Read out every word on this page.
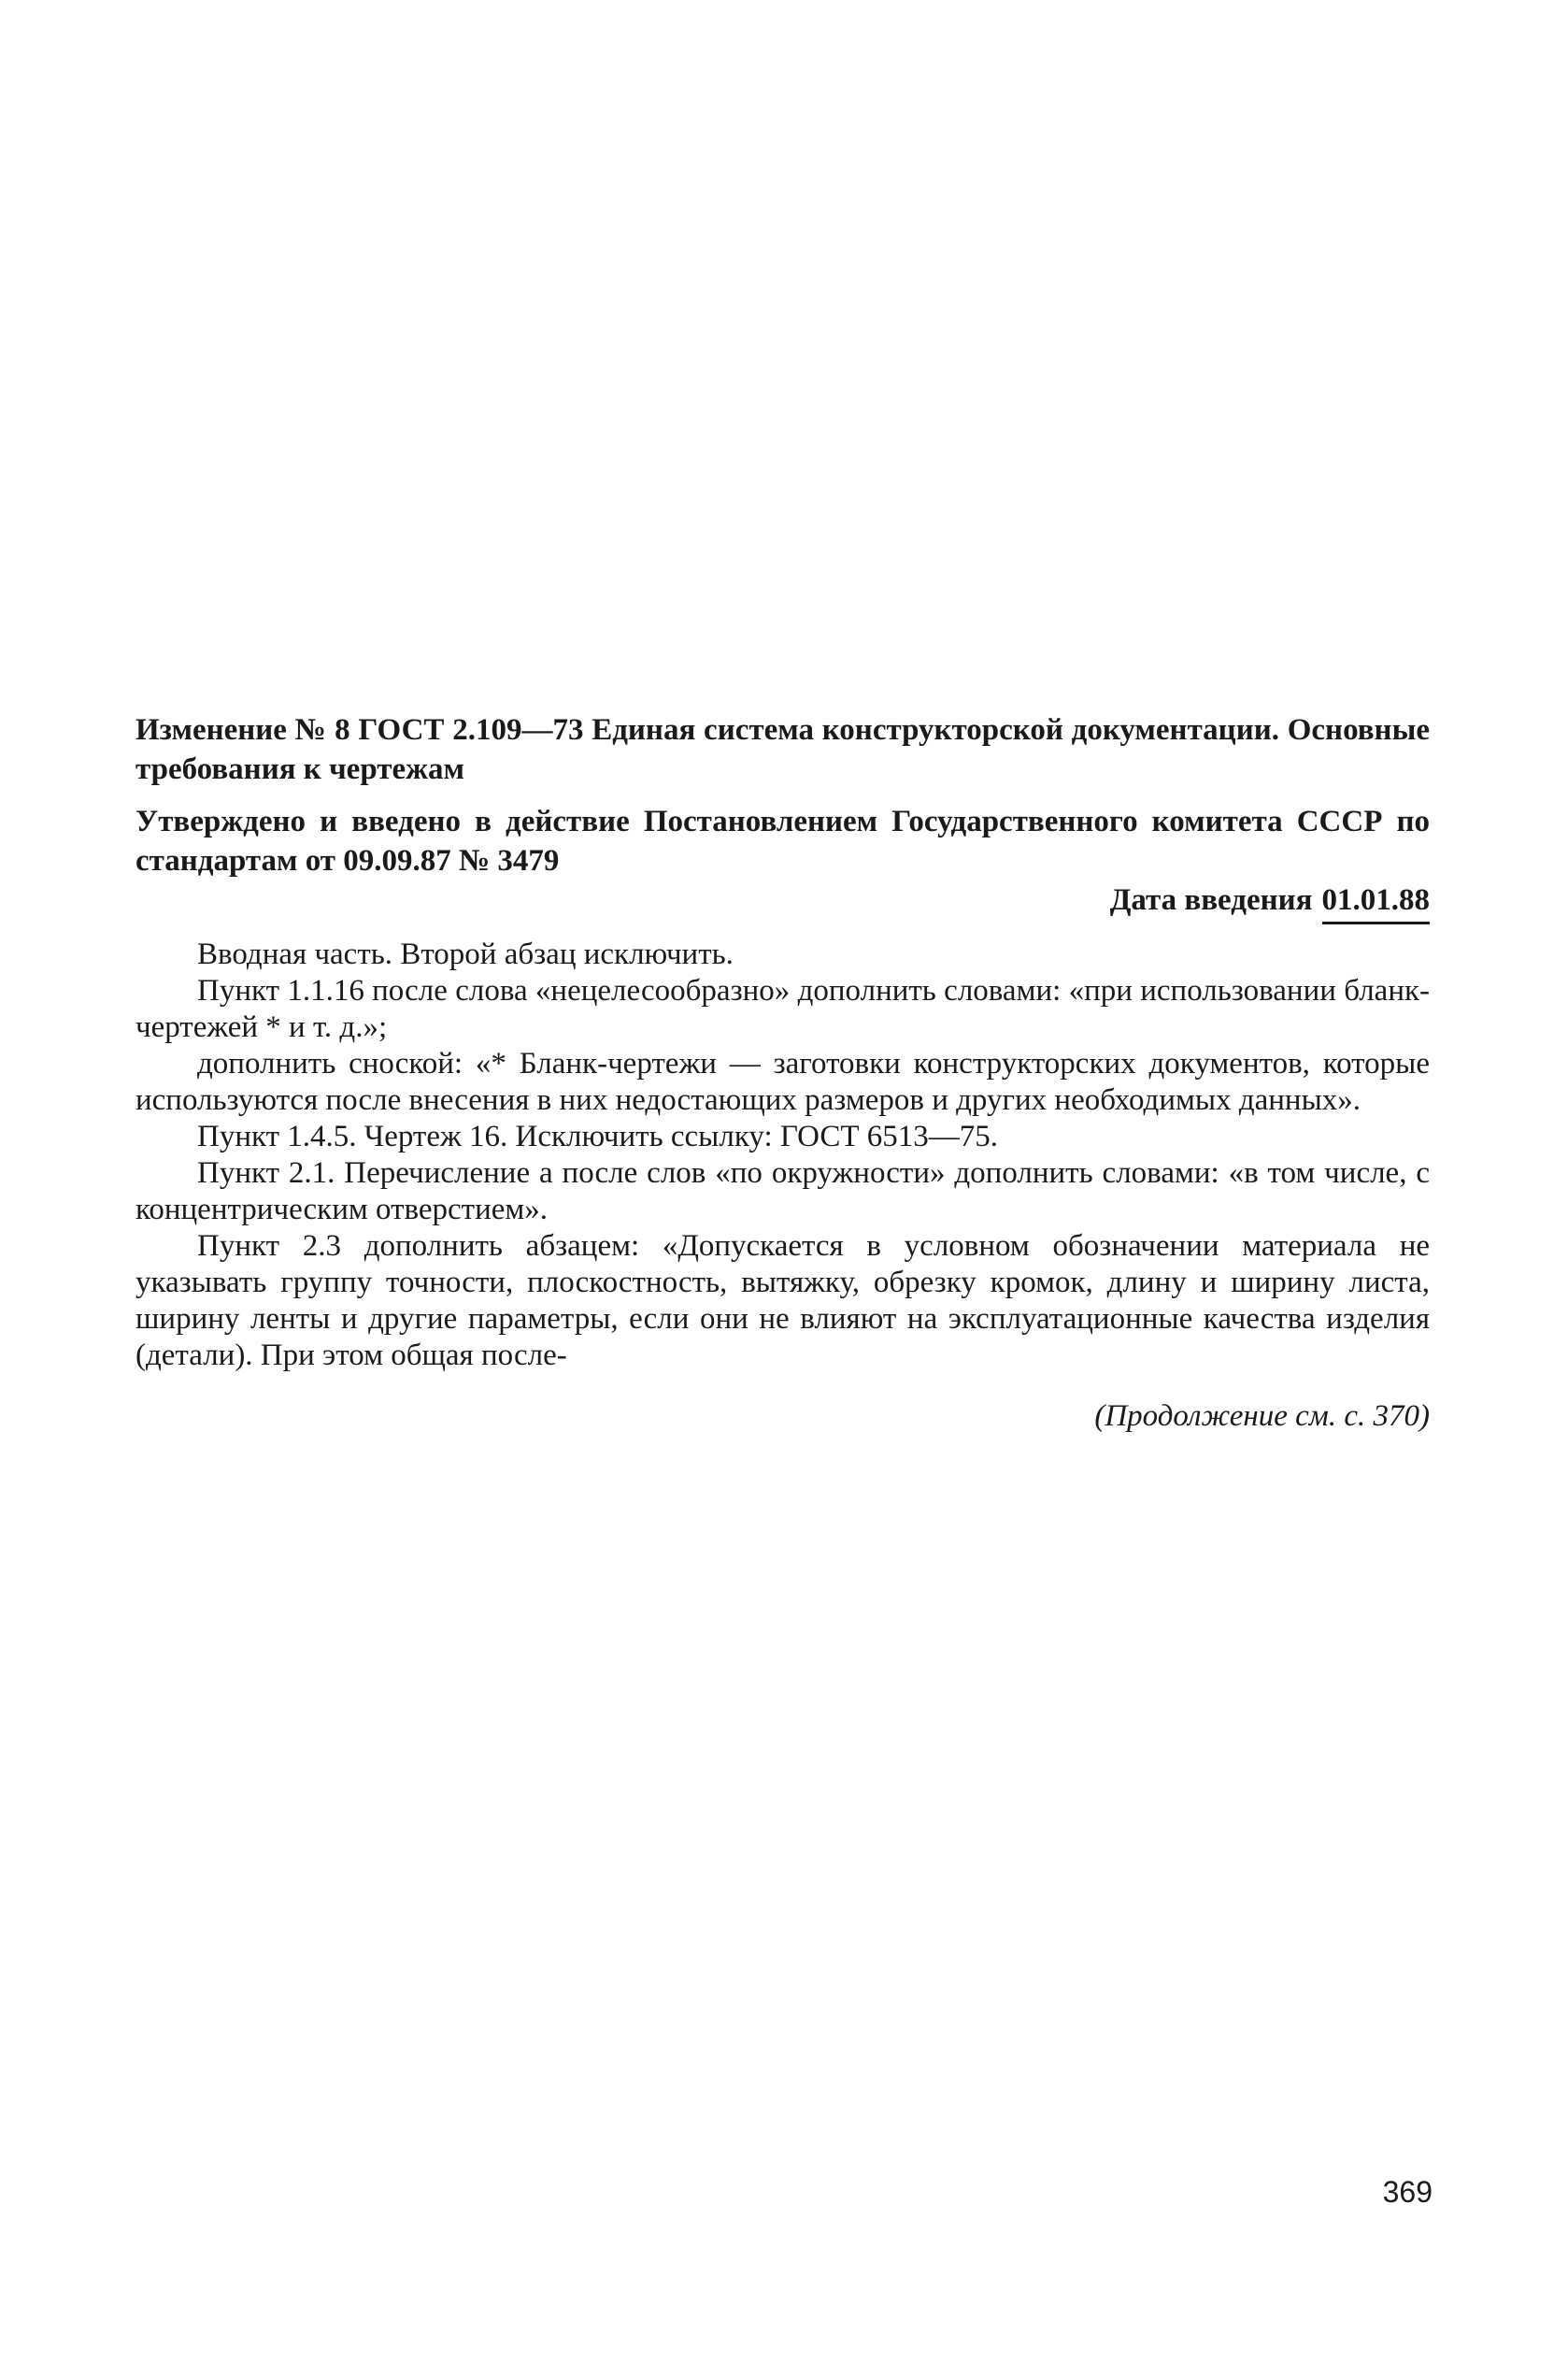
Изменение № 8 ГОСТ 2.109—73 Единая система конструкторской документации. Основные требования к чертежам
Утверждено и введено в действие Постановлением Государственного комитета СССР по стандартам от 09.09.87 № 3479
Дата введения 01.01.88

Вводная часть. Второй абзац исключить.

Пункт 1.1.16 после слова «нецелесообразно» дополнить словами: «при использовании бланк-чертежей * и т. д.»;

дополнить сноской: «* Бланк-чертежи — заготовки конструкторских документов, которые используются после внесения в них недостающих размеров и других необходимых данных».

Пункт 1.4.5. Чертеж 16. Исключить ссылку: ГОСТ 6513—75.

Пункт 2.1. Перечисление а после слов «по окружности» дополнить словами: «в том числе, с концентрическим отверстием».

Пункт 2.3 дополнить абзацем: «Допускается в условном обозначении материала не указывать группу точности, плоскостность, вытяжку, обрезку кромок, длину и ширину листа, ширину ленты и другие параметры, если они не влияют на эксплуатационные качества изделия (детали). При этом общая после-

(Продолжение см. с. 370)
369
